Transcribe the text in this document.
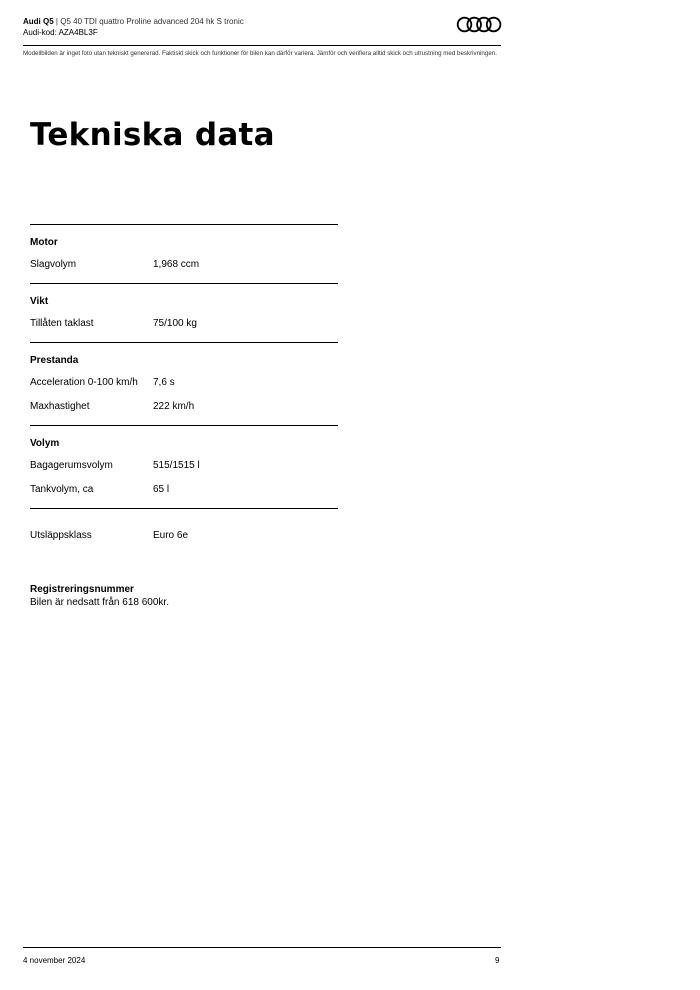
Audi Q5 | Q5 40 TDI quattro Proline advanced 204 hk S tronic
Audi-kod: AZA4BL3F
Modellbilden är inget foto utan tekniskt genererad. Faktiskt skick och funktioner för bilen kan därför variera. Jämför och verifiera alltid skick och utrustning med beskrivningen.
Tekniska data
Motor
Slagvolym	1,968 ccm
Vikt
Tillåten taklast	75/100 kg
Prestanda
Acceleration 0-100 km/h	7,6 s
Maxhastighet	222 km/h
Volym
Bagagerumsvolym	515/1515 l
Tankvolym, ca	65 l
Utsläppsklass	Euro 6e
Registreringsnummer
Bilen är nedsatt från 618 600kr.
4 november 2024	9
